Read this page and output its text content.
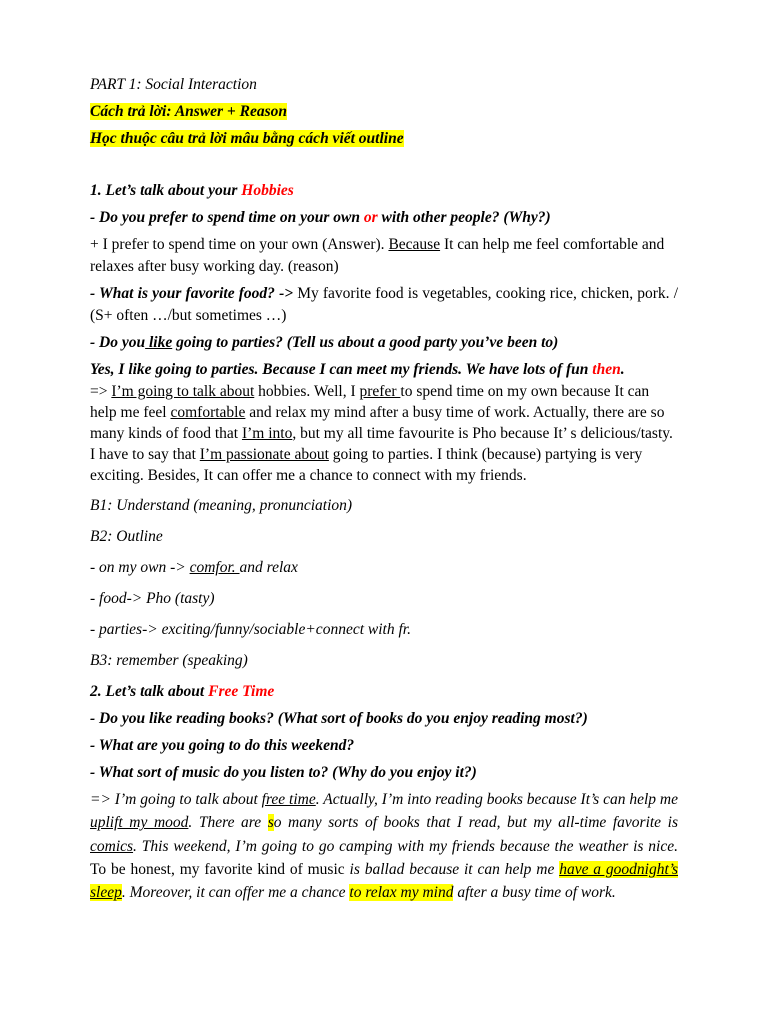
PART 1: Social Interaction

Cách trả lời: Answer + Reason

Học thuộc câu trả lời mâu bằng cách viết outline

1. Let’s talk about your Hobbies

- Do you prefer to spend time on your own or with other people? (Why?)

+ I prefer to spend time on your own (Answer). Because It can help me feel comfortable and relaxes after busy working day. (reason)

- What is your favorite food? -> My favorite food is vegetables, cooking rice, chicken, pork. / (S+ often …/but sometimes …)

- Do you like going to parties? (Tell us about a good party you’ve been to)

Yes, I like going to parties. Because I can meet my friends. We have lots of fun then.

=> I’m going to talk about hobbies. Well, I prefer to spend time on my own because It can help me feel comfortable and relax my mind after a busy time of work. Actually, there are so many kinds of food that I’m into, but my all time favourite is Pho because It’ s delicious/tasty. I have to say that I’m passionate about going to parties. I think (because) partying is very exciting. Besides, It can offer me a chance to connect with my friends.

B1: Understand (meaning, pronunciation)

B2: Outline

- on my own -> comfor. and relax

- food-> Pho (tasty)

- parties-> exciting/funny/sociable+connect with fr.

B3: remember (speaking)

2. Let’s talk about Free Time

- Do you like reading books? (What sort of books do you enjoy reading most?)

- What are you going to do this weekend?

- What sort of music do you listen to? (Why do you enjoy it?)

=> I’m going to talk about free time. Actually, I’m into reading books because It’s can help me uplift my mood. There are so many sorts of books that I read, but my all-time favorite is comics. This weekend, I’m going to go camping with my friends because the weather is nice. To be honest, my favorite kind of music is ballad because it can help me have a goodnight’s sleep. Moreover, it can offer me a chance to relax my mind after a busy time of work.
